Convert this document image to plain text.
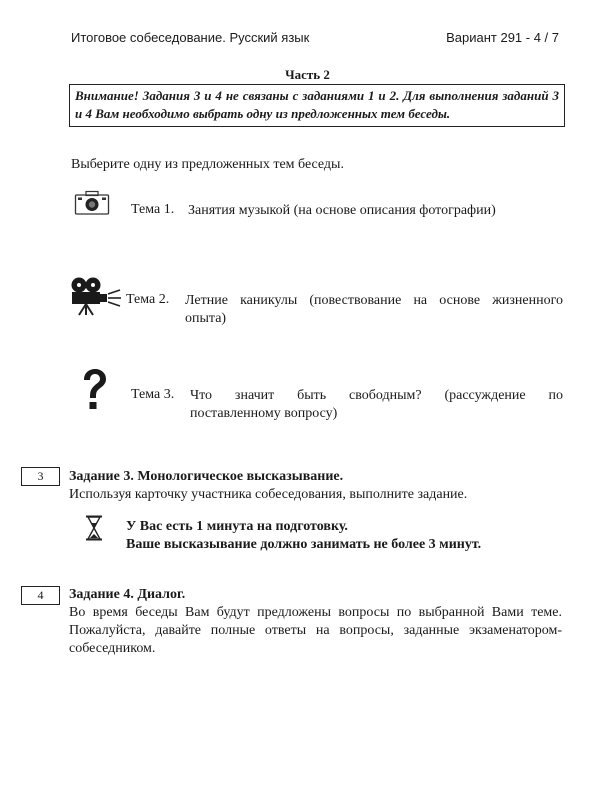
Итоговое собеседование. Русский язык	Вариант 291 - 4 / 7
Часть 2
Внимание! Задания 3 и 4 не связаны с заданиями 1 и 2. Для выполнения заданий 3 и 4 Вам необходимо выбрать одну из предложенных тем беседы.
Выберите одну из предложенных тем беседы.
Тема 1. Занятия музыкой (на основе описания фотографии)
Тема 2. Летние каникулы (повествование на основе жизненного опыта)
Тема 3. Что значит быть свободным? (рассуждение по
поставленному вопросу)
3	Задание 3. Монологическое высказывание.
Используя карточку участника собеседования, выполните задание.
У Вас есть 1 минута на подготовку.
Ваше высказывание должно занимать не более 3 минут.
4	Задание 4. Диалог.
Во время беседы Вам будут предложены вопросы по выбранной Вами теме. Пожалуйста, давайте полные ответы на вопросы, заданные экзаменатором-собеседником.
